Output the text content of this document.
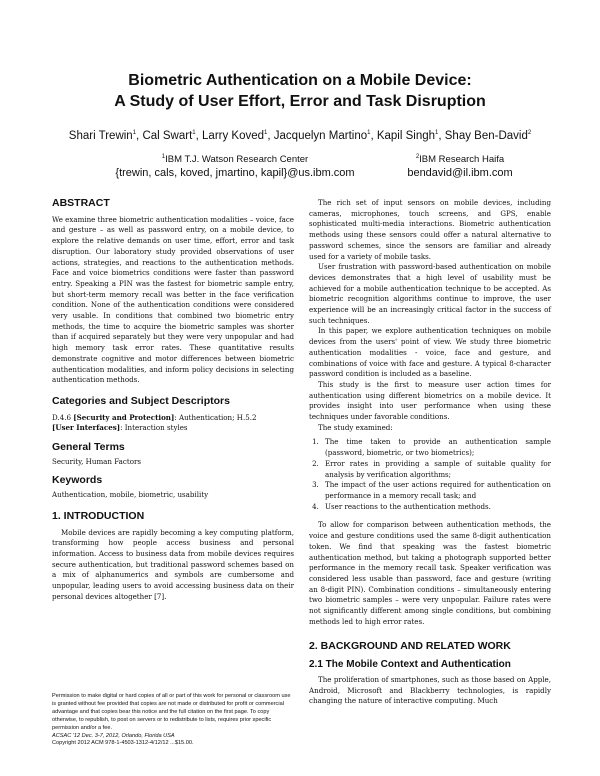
Biometric Authentication on a Mobile Device:
A Study of User Effort, Error and Task Disruption

Shari Trewin$^1$, Cal Swart$^1$, Larry Koved$^1$, Jacquelyn Martino$^1$, Kapil Singh$^1$, Shay Ben-David$^2$

$^1$IBM T.J. Watson Research Center
{trewin, cals, koved, jmartino, kapil}@us.ibm.com
$^2$IBM Research Haifa
bendavid@il.ibm.com
ABSTRACT

We examine three biometric authentication modalities – voice, face and gesture – as well as password entry, on a mobile device, to explore the relative demands on user time, effort, error and task disruption. Our laboratory study provided observations of user actions, strategies, and reactions to the authentication methods. Face and voice biometrics conditions were faster than password entry. Speaking a PIN was the fastest for biometric sample entry, but short-term memory recall was better in the face verification condition. None of the authentication conditions were considered very usable. In conditions that combined two biometric entry methods, the time to acquire the biometric samples was shorter than if acquired separately but they were very unpopular and had high memory task error rates. These quantitative results demonstrate cognitive and motor differences between biometric authentication modalities, and inform policy decisions in selecting authentication methods.

Categories and Subject Descriptors

D.4.6 [Security and Protection]: Authentication; H.5.2
[User Interfaces]: Interaction styles

General Terms

Security, Human Factors

Keywords

Authentication, mobile, biometric, usability

1. INTRODUCTION

Mobile devices are rapidly becoming a key computing platform, transforming how people access business and personal information. Access to business data from mobile devices requires secure authentication, but traditional password schemes based on a mix of alphanumerics and symbols are cumbersome and unpopular, leading users to avoid accessing business data on their personal devices altogether [7].

Permission to make digital or hard copies of all or part of this work for personal or classroom use is granted without fee provided that copies are not made or distributed for profit or commercial advantage and that copies bear this notice and the full citation on the first page. To copy otherwise, to republish, to post on servers or to redistribute to lists, requires prior specific permission and/or a fee.

ACSAC '12 Dec. 3-7, 2012, Orlando, Florida USA

Copyright 2012 ACM 978-1-4503-1312-4/12/12 ...$15.00.

The rich set of input sensors on mobile devices, including cameras, microphones, touch screens, and GPS, enable sophisticated multi-media interactions. Biometric authentication methods using these sensors could offer a natural alternative to password schemes, since the sensors are familiar and already used for a variety of mobile tasks.

User frustration with password-based authentication on mobile devices demonstrates that a high level of usability must be achieved for a mobile authentication technique to be accepted. As biometric recognition algorithms continue to improve, the user experience will be an increasingly critical factor in the success of such techniques.

In this paper, we explore authentication techniques on mobile devices from the users' point of view. We study three biometric authentication modalities - voice, face and gesture, and combinations of voice with face and gesture. A typical 8-character password condition is included as a baseline.

This study is the first to measure user action times for authentication using different biometrics on a mobile device. It provides insight into user performance when using these techniques under favorable conditions.

The study examined:

1. The time taken to provide an authentication sample (password, biometric, or two biometrics);
2. Error rates in providing a sample of suitable quality for analysis by verification algorithms;
3. The impact of the user actions required for authentication on performance in a memory recall task; and
4. User reactions to the authentication methods.

To allow for comparison between authentication methods, the voice and gesture conditions used the same 8-digit authentication token. We find that speaking was the fastest biometric authentication method, but taking a photograph supported better performance in the memory recall task. Speaker verification was considered less usable than password, face and gesture (writing an 8-digit PIN). Combination conditions – simultaneously entering two biometric samples – were very unpopular. Failure rates were not significantly different among single conditions, but combining methods led to high error rates.

2. BACKGROUND AND RELATED WORK
2.1 The Mobile Context and Authentication

The proliferation of smartphones, such as those based on Apple, Android, Microsoft and Blackberry technologies, is rapidly changing the nature of interactive computing. Much
